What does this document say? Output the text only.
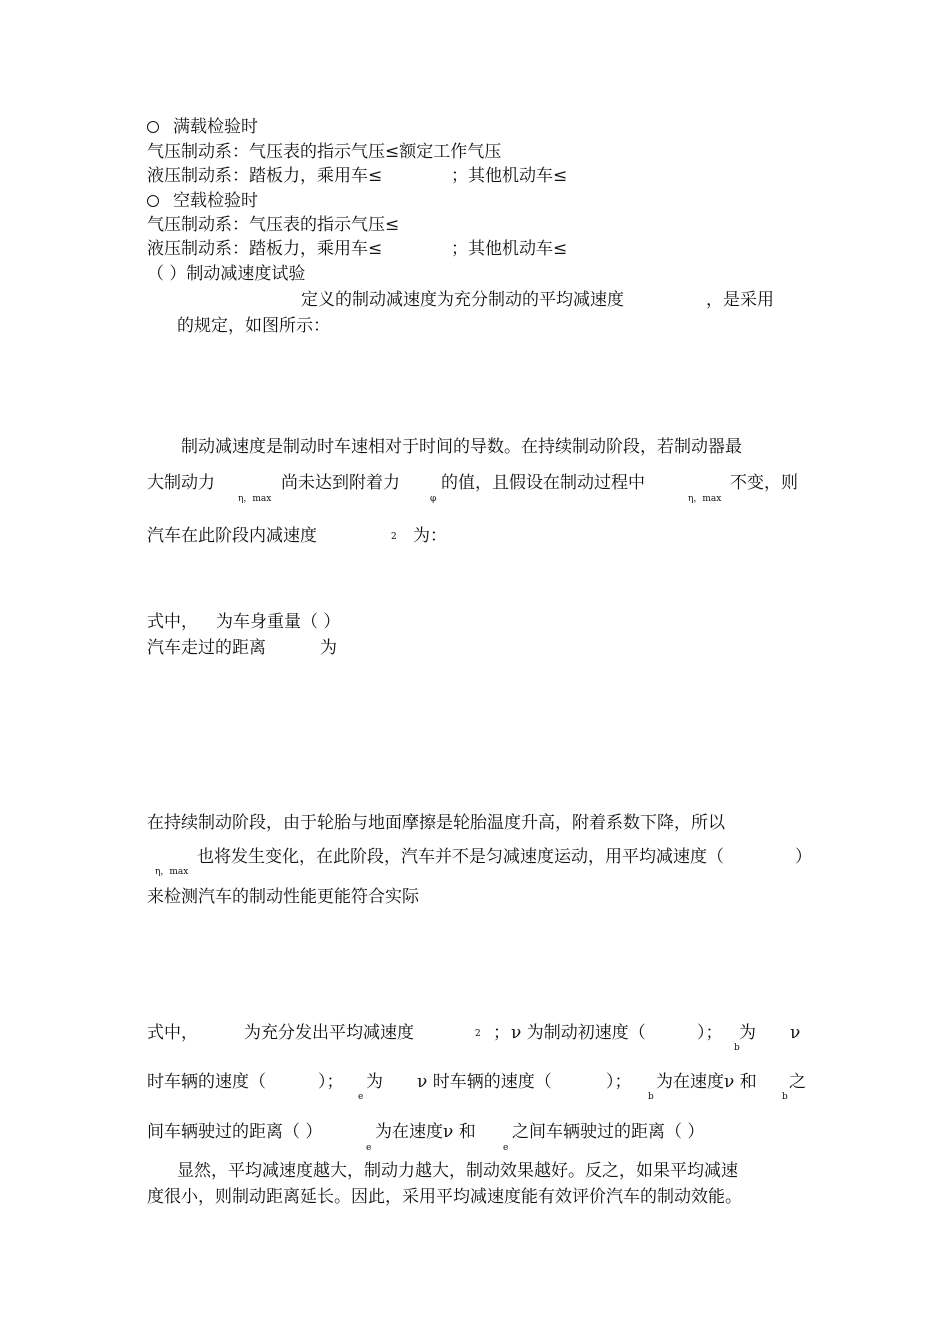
满载检验时
气压制动系：气压表的指示气压≤额定工作气压
液压制动系：踏板力，乘用车≤	；其他机动车≤
空载检验时
气压制动系：气压表的指示气压≤
液压制动系：踏板力，乘用车≤	；其他机动车≤
（ ）制动减速度试验
定义的制动减速度为充分制动的平均减速度	，是采用
的规定，如图所示：
制动减速度是制动时车速相对于时间的导数。在持续制动阶段，若制动器最
大制动力
η，max
尚未达到附着力
φ
的值，且假设在制动过程中
η，max
不变，则
汽车在此阶段内减速度	2 为：
式中， 为车身重量（ ）
汽车走过的距离	为
在持续制动阶段，由于轮胎与地面摩擦是轮胎温度升高，附着系数下降，所以
也将发生变化，在此阶段，汽车并不是匀减速度运动，用平均减速度（	）
η，max
来检测汽车的制动性能更能符合实际
式中，	为充分发出平均减速度	2 ； ν 为制动初速度（	）； 为
b
ν
时车辆的速度（	）； 为
e
ν 时车辆的速度（	）； 为在速度ν 和
b
之
b
间车辆驶过的距离（ ）	为在速度ν 和
e
之间车辆驶过的距离（ ）
e
显然，平均减速度越大，制动力越大，制动效果越好。反之，如果平均减速
度很小，则制动距离延长。因此，采用平均减速度能有效评价汽车的制动效能。
